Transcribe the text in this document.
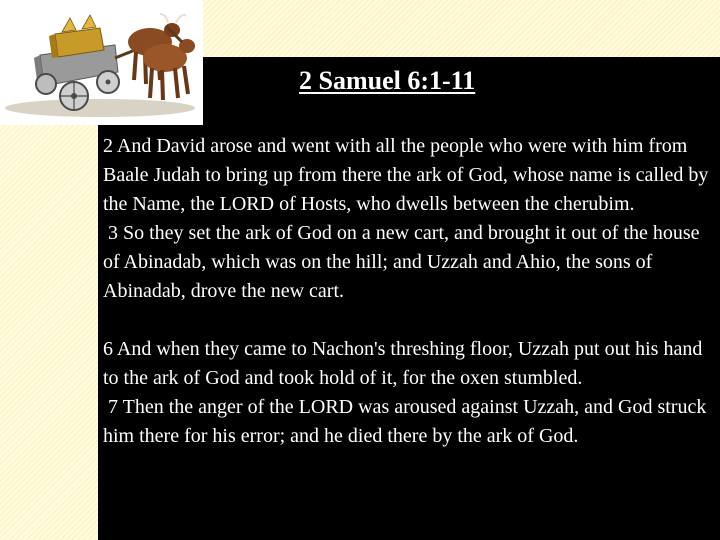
2 Samuel 6:1-11

2 And David arose and went with all the people who were with him from Baale Judah to bring up from there the ark of God, whose name is called by the Name, the LORD of Hosts, who dwells between the cherubim.

3 So they set the ark of God on a new cart, and brought it out of the house of Abinadab, which was on the hill; and Uzzah and Ahio, the sons of Abinadab, drove the new cart.

6 And when they came to Nachon's threshing floor, Uzzah put out his hand to the ark of God and took hold of it, for the oxen stumbled.

7 Then the anger of the LORD was aroused against Uzzah, and God struck him there for his error; and he died there by the ark of God.
